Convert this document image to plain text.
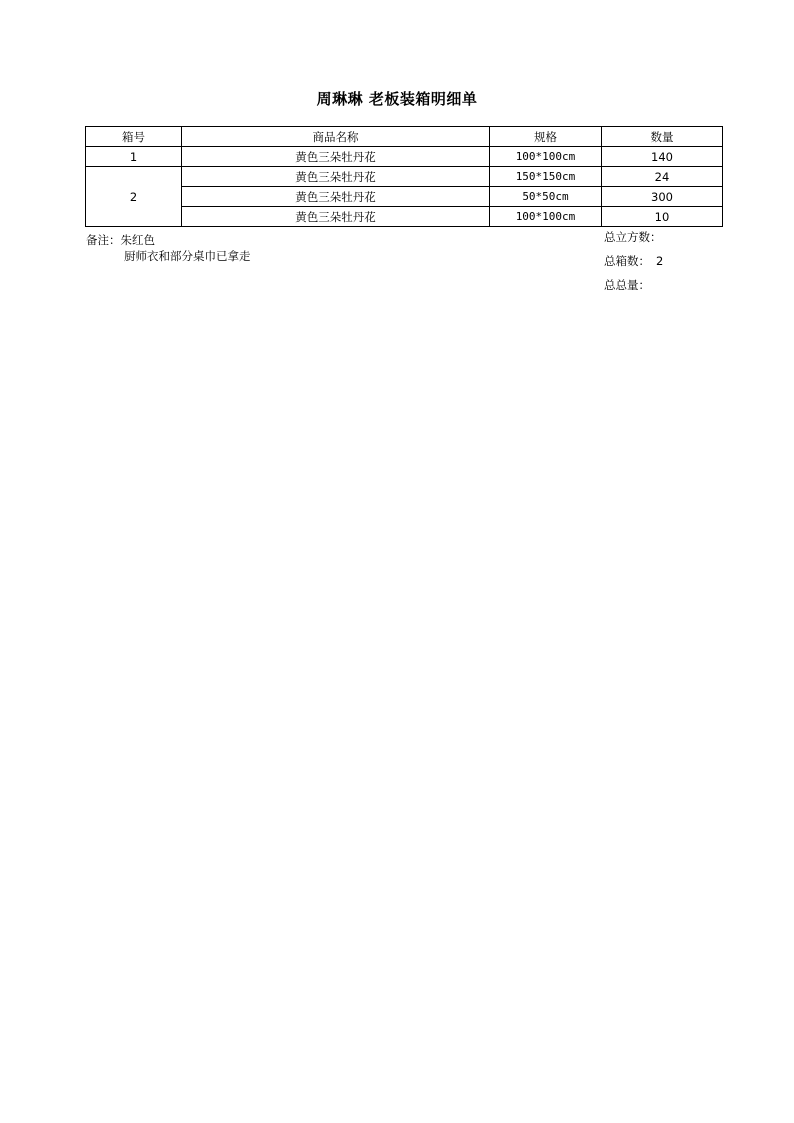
周琳琳 老板装箱明细单
箱号	商品名称	规格	数量
1	黄色三朵牡丹花	100*100cm	140
2	黄色三朵牡丹花	150*150cm	24
	黄色三朵牡丹花	50*50cm	300
	黄色三朵牡丹花	100*100cm	10
备注：朱红色
厨师衣和部分桌巾已拿走
总立方数：
总箱数： 2
总总量：
